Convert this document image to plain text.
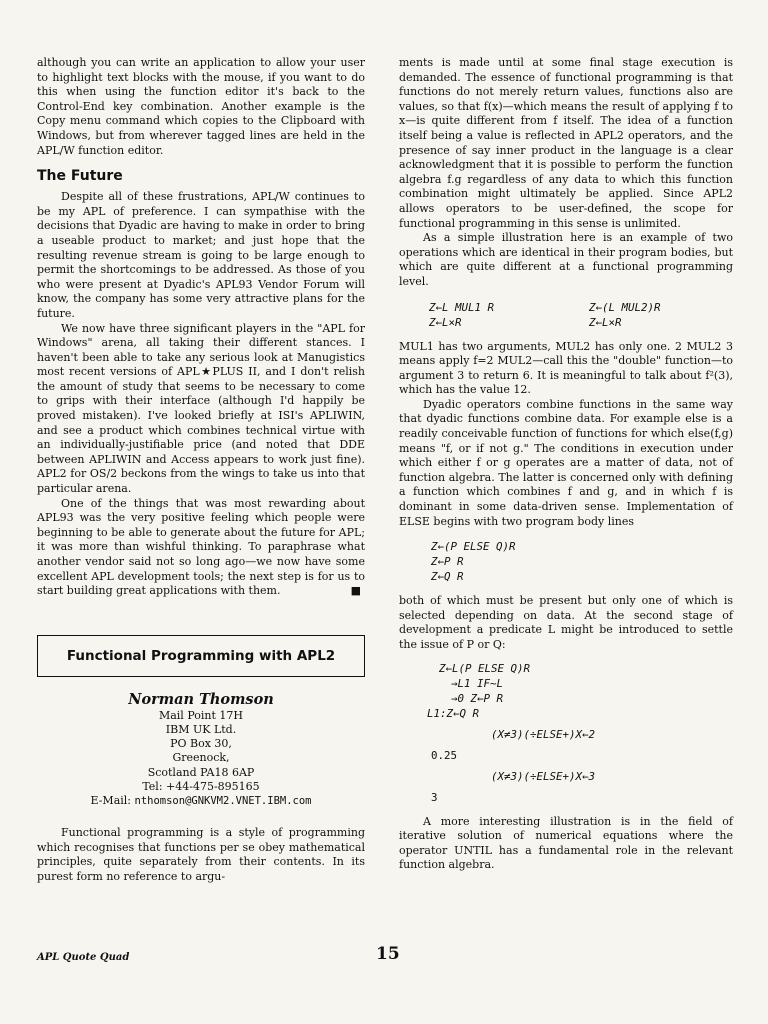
although you can write an application to allow your user to highlight text blocks with the mouse, if you want to do this when using the function editor it's back to the Control-End key combination. Another example is the Copy menu command which copies to the Clipboard with Windows, but from wherever tagged lines are held in the APL/W function editor.

The Future

Despite all of these frustrations, APL/W continues to be my APL of preference. I can sympathise with the decisions that Dyadic are having to make in order to bring a useable product to market; and just hope that the resulting revenue stream is going to be large enough to permit the shortcomings to be addressed. As those of you who were present at Dyadic's APL93 Vendor Forum will know, the company has some very attractive plans for the future.

We now have three significant players in the "APL for Windows" arena, all taking their different stances. I haven't been able to take any serious look at Manugistics most recent versions of APL★PLUS II, and I don't relish the amount of study that seems to be necessary to come to grips with their interface (although I'd happily be proved mistaken). I've looked briefly at ISI's APLIWIN, and see a product which combines technical virtue with an individually-justifiable price (and noted that DDE between APLIWIN and Access appears to work just fine). APL2 for OS/2 beckons from the wings to take us into that particular arena.

One of the things that was most rewarding about APL93 was the very positive feeling which people were beginning to be able to generate about the future for APL; it was more than wishful thinking. To paraphrase what another vendor said not so long ago—we now have some excellent APL development tools; the next step is for us to start building great applications with them.	■

Functional Programming with APL2
Norman Thomson
Mail Point 17H
IBM UK Ltd.
PO Box 30,
Greenock,
Scotland PA18 6AP
Tel: +44-475-895165
E-Mail: nthomson@GNKVM2.VNET.IBM.com

Functional programming is a style of programming which recognises that functions per se obey mathematical principles, quite separately from their contents. In its purest form no reference to argu-

ments is made until at some final stage execution is demanded. The essence of functional programming is that functions do not merely return values, functions also are values, so that f(x)—which means the result of applying f to x—is quite different from f itself. The idea of a function itself being a value is reflected in APL2 operators, and the presence of say inner product in the language is a clear acknowledgment that it is possible to perform the function algebra f.g regardless of any data to which this function combination might ultimately be applied. Since APL2 allows operators to be user-defined, the scope for functional programming in this sense is unlimited.

As a simple illustration here is an example of two operations which are identical in their program bodies, but which are quite different at a functional programming level.

Z←L MUL1 R	Z←(L MUL2)R
Z←L×R	Z←L×R

MUL1 has two arguments, MUL2 has only one. 2 MUL2 3 means apply f=2 MUL2—call this the "double" function—to argument 3 to return 6. It is meaningful to talk about f²(3), which has the value 12.

Dyadic operators combine functions in the same way that dyadic functions combine data. For example else is a readily conceivable function of functions for which else(f,g) means "f, or if not g." The conditions in execution under which either f or g operates are a matter of data, not of function algebra. The latter is concerned only with defining a function which combines f and g, and in which f is dominant in some data-driven sense. Implementation of ELSE begins with two program body lines

Z←(P ELSE Q)R
Z←P R
Z←Q R

both of which must be present but only one of which is selected depending on data. At the second stage of development a predicate L might be introduced to settle the issue of P or Q:

Z←L(P ELSE Q)R
→L1 IF~L
→0 Z←P R
L1:Z←Q R
(X≠3)(÷ELSE+)X←2
0.25
(X≠3)(÷ELSE+)X←3
3

A more interesting illustration is in the field of iterative solution of numerical equations where the operator UNTIL has a fundamental role in the relevant function algebra.

APL Quote Quad	15
